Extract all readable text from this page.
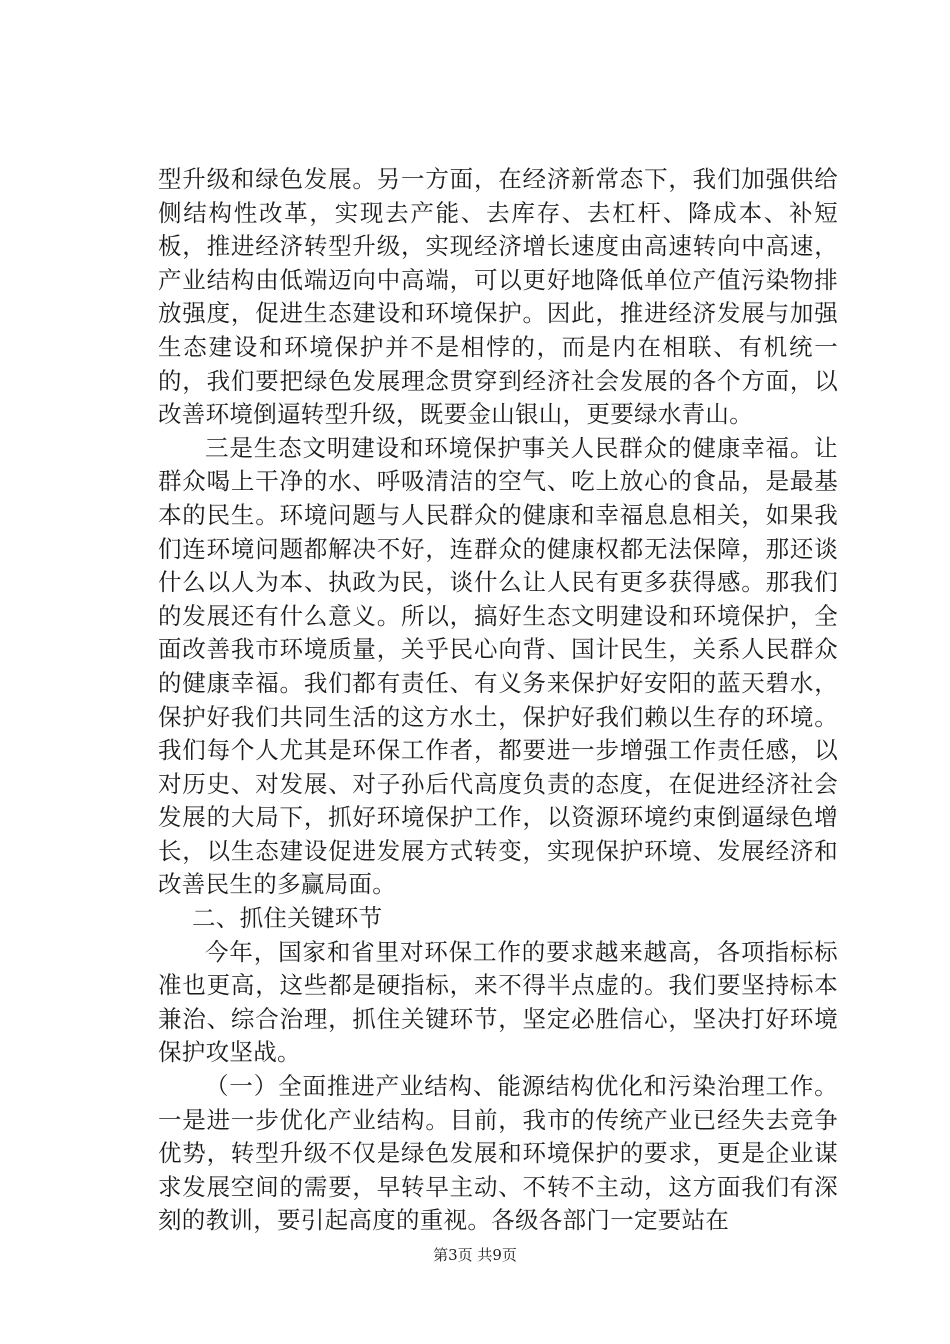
型升级和绿色发展。另一方面，在经济新常态下，我们加强供给侧结构性改革，实现去产能、去库存、去杠杆、降成本、补短板，推进经济转型升级，实现经济增长速度由高速转向中高速，产业结构由低端迈向中高端，可以更好地降低单位产值污染物排放强度，促进生态建设和环境保护。因此，推进经济发展与加强生态建设和环境保护并不是相悖的，而是内在相联、有机统一的，我们要把绿色发展理念贯穿到经济社会发展的各个方面，以改善环境倒逼转型升级，既要金山银山，更要绿水青山。

三是生态文明建设和环境保护事关人民群众的健康幸福。让群众喝上干净的水、呼吸清洁的空气、吃上放心的食品，是最基本的民生。环境问题与人民群众的健康和幸福息息相关，如果我们连环境问题都解决不好，连群众的健康权都无法保障，那还谈什么以人为本、执政为民，谈什么让人民有更多获得感。那我们的发展还有什么意义。所以，搞好生态文明建设和环境保护，全面改善我市环境质量，关乎民心向背、国计民生，关系人民群众的健康幸福。我们都有责任、有义务来保护好安阳的蓝天碧水，保护好我们共同生活的这方水土，保护好我们赖以生存的环境。我们每个人尤其是环保工作者，都要进一步增强工作责任感，以对历史、对发展、对子孙后代高度负责的态度，在促进经济社会发展的大局下，抓好环境保护工作，以资源环境约束倒逼绿色增长，以生态建设促进发展方式转变，实现保护环境、发展经济和改善民生的多赢局面。

二、抓住关键环节

今年，国家和省里对环保工作的要求越来越高，各项指标标准也更高，这些都是硬指标，来不得半点虚的。我们要坚持标本兼治、综合治理，抓住关键环节，坚定必胜信心，坚决打好环境保护攻坚战。

（一）全面推进产业结构、能源结构优化和污染治理工作。一是进一步优化产业结构。目前，我市的传统产业已经失去竞争优势，转型升级不仅是绿色发展和环境保护的要求，更是企业谋求发展空间的需要，早转早主动、不转不主动，这方面我们有深刻的教训，要引起高度的重视。各级各部门一定要站在

第3页 共9页
